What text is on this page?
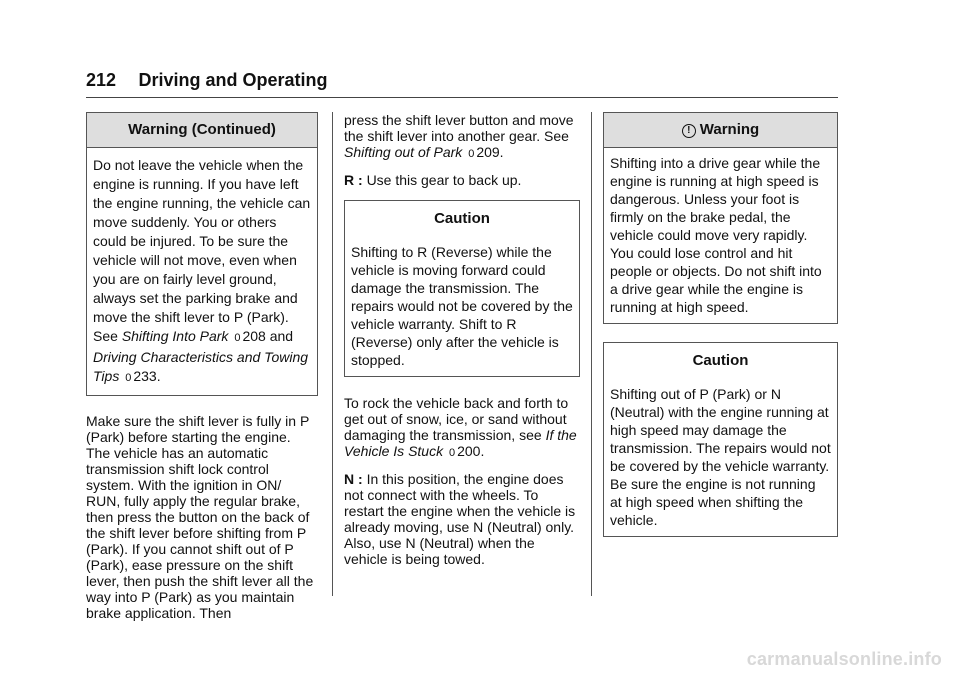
212 Driving and Operating
Warning (Continued)
Do not leave the vehicle when the engine is running. If you have left the engine running, the vehicle can move suddenly. You or others could be injured. To be sure the vehicle will not move, even when you are on fairly level ground, always set the parking brake and move the shift lever to P (Park). See Shifting Into Park 0 208 and Driving Characteristics and Towing Tips 0 233.

Make sure the shift lever is fully in P (Park) before starting the engine. The vehicle has an automatic transmission shift lock control system. With the ignition in ON/ RUN, fully apply the regular brake, then press the button on the back of the shift lever before shifting from P (Park). If you cannot shift out of P (Park), ease pressure on the shift lever, then push the shift lever all the way into P (Park) as you maintain brake application. Then

press the shift lever button and move the shift lever into another gear. See Shifting out of Park 0 209.

R : Use this gear to back up.

Caution
Shifting to R (Reverse) while the vehicle is moving forward could damage the transmission. The repairs would not be covered by the vehicle warranty. Shift to R (Reverse) only after the vehicle is stopped.

To rock the vehicle back and forth to get out of snow, ice, or sand without damaging the transmission, see If the Vehicle Is Stuck 0 200.

N : In this position, the engine does not connect with the wheels. To restart the engine when the vehicle is already moving, use N (Neutral) only. Also, use N (Neutral) when the vehicle is being towed.

! Warning
Shifting into a drive gear while the engine is running at high speed is dangerous. Unless your foot is firmly on the brake pedal, the vehicle could move very rapidly. You could lose control and hit people or objects. Do not shift into a drive gear while the engine is running at high speed.
Caution
Shifting out of P (Park) or N (Neutral) with the engine running at high speed may damage the transmission. The repairs would not be covered by the vehicle warranty. Be sure the engine is not running at high speed when shifting the vehicle.
carmanualsonline.info
